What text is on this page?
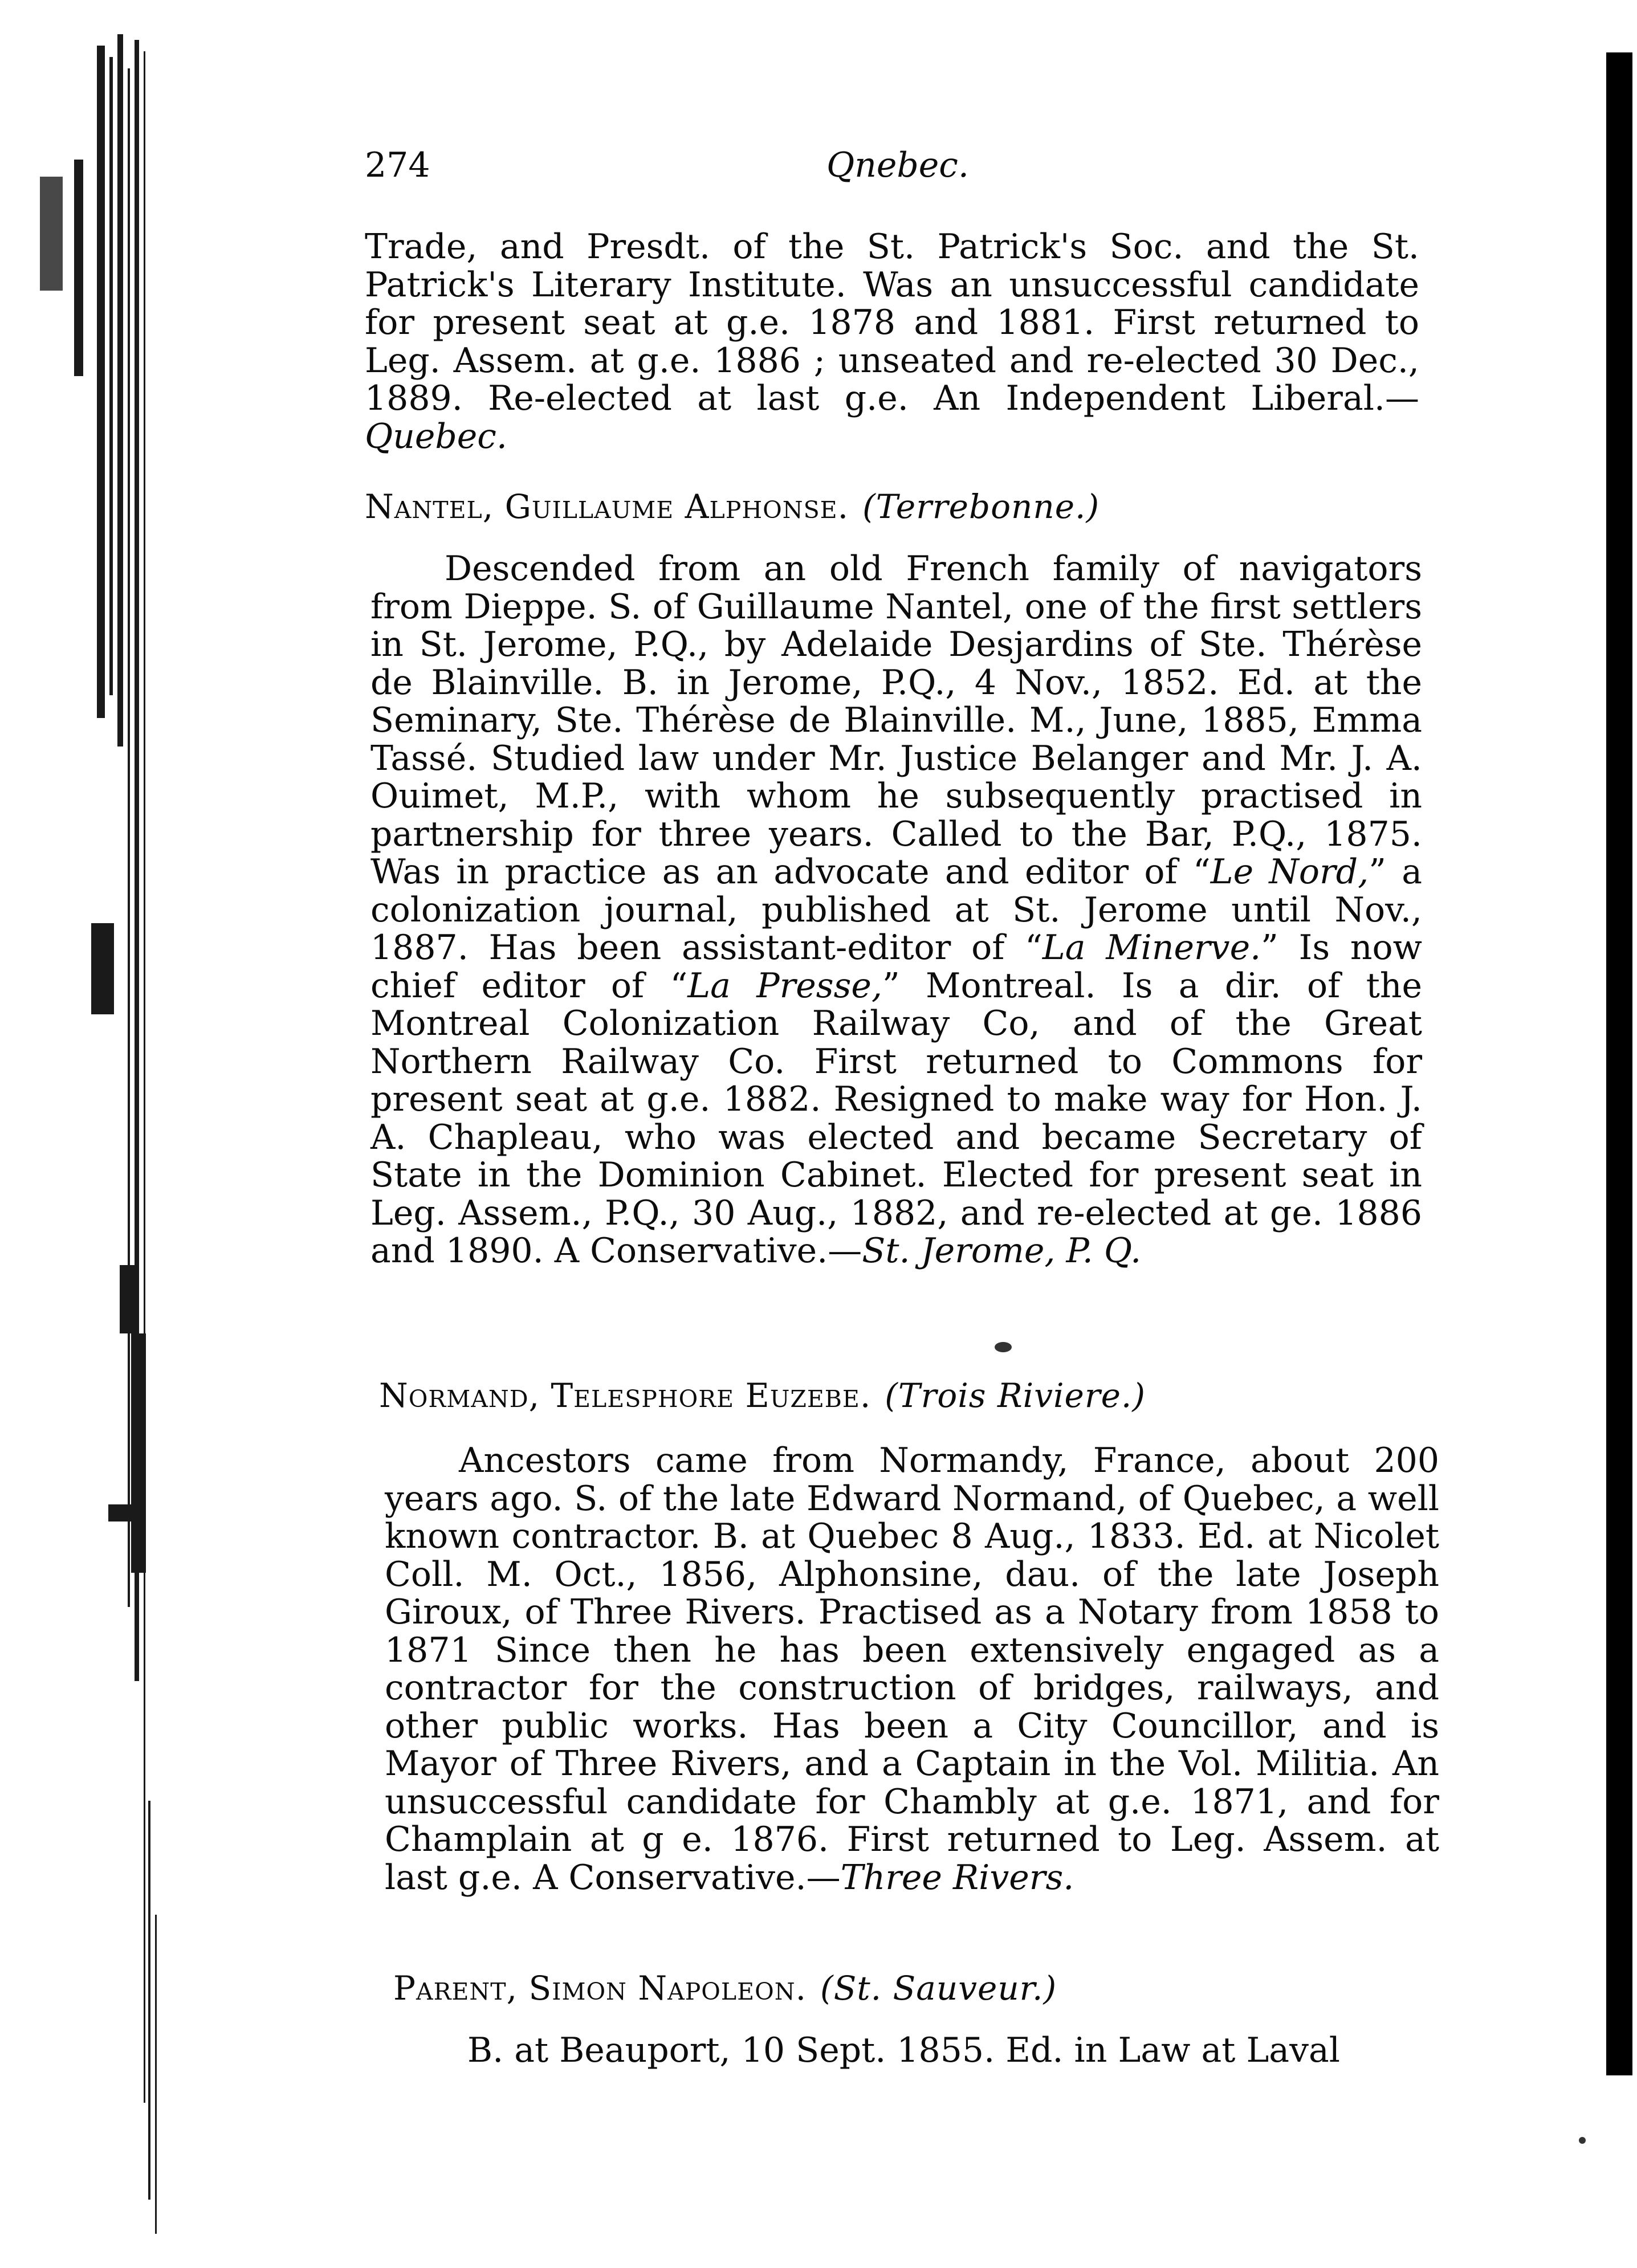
274	Qnebec.

Trade, and Presdt. of the St. Patrick's Soc. and the St. Patrick's Literary Institute. Was an unsuccessful candidate for present seat at g.e. 1878 and 1881. First returned to Leg. Assem. at g.e. 1886 ; unseated and re-elected 30 Dec., 1889. Re-elected at last g.e. An Independent Liberal.—Quebec.

Nantel, Guillaume Alphonse. (Terrebonne.)

Descended from an old French family of navigators from Dieppe. S. of Guillaume Nantel, one of the first settlers in St. Jerome, P.Q., by Adelaide Desjardins of Ste. Thérèse de Blainville. B. in Jerome, P.Q., 4 Nov., 1852. Ed. at the Seminary, Ste. Thérèse de Blainville. M., June, 1885, Emma Tassé. Studied law under Mr. Justice Belanger and Mr. J. A. Ouimet, M.P., with whom he subsequently practised in partnership for three years. Called to the Bar, P.Q., 1875. Was in practice as an advocate and editor of “Le Nord,” a colonization journal, published at St. Jerome until Nov., 1887. Has been assistant-editor of “La Minerve.” Is now chief editor of “La Presse,” Montreal. Is a dir. of the Montreal Colonization Railway Co, and of the Great Northern Railway Co. First returned to Commons for present seat at g.e. 1882. Resigned to make way for Hon. J. A. Chapleau, who was elected and became Secretary of State in the Dominion Cabinet. Elected for present seat in Leg. Assem., P.Q., 30 Aug., 1882, and re-elected at ge. 1886 and 1890. A Conservative.—St. Jerome, P. Q.

Normand, Telesphore Euzebe. (Trois Riviere.)

Ancestors came from Normandy, France, about 200 years ago. S. of the late Edward Normand, of Quebec, a well known contractor. B. at Quebec 8 Aug., 1833. Ed. at Nicolet Coll. M. Oct., 1856, Alphonsine, dau. of the late Joseph Giroux, of Three Rivers. Practised as a Notary from 1858 to 1871 Since then he has been extensively engaged as a contractor for the construction of bridges, railways, and other public works. Has been a City Councillor, and is Mayor of Three Rivers, and a Captain in the Vol. Militia. An unsuccessful candidate for Chambly at g.e. 1871, and for Champlain at g e. 1876. First returned to Leg. Assem. at last g.e. A Conservative.—Three Rivers.

Parent, Simon Napoleon. (St. Sauveur.)

B. at Beauport, 10 Sept. 1855. Ed. in Law at Laval
